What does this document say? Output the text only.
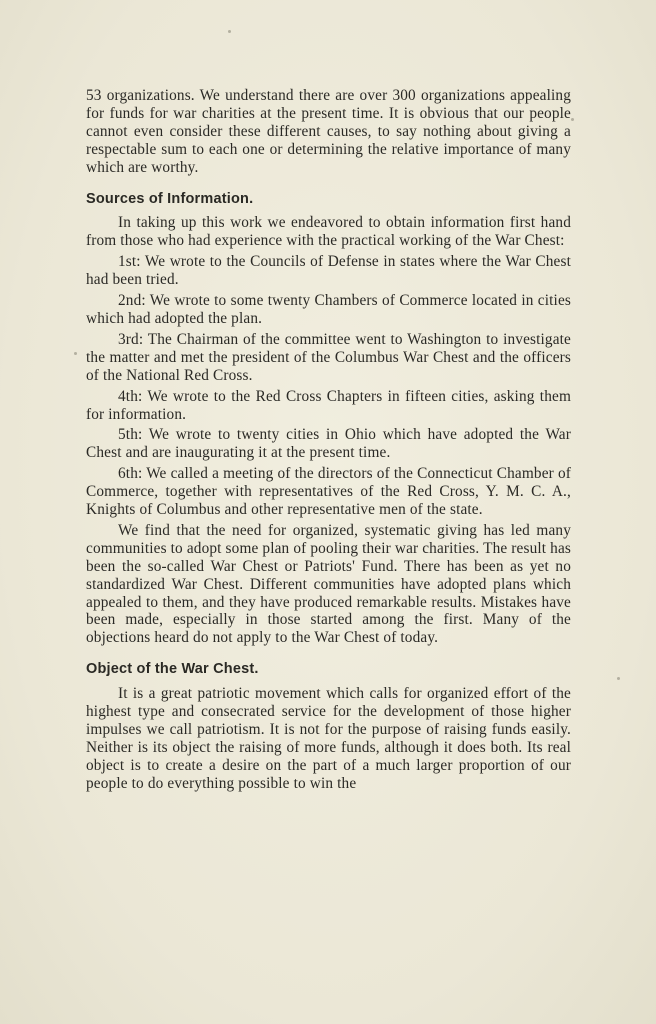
53 organizations. We understand there are over 300 organizations appealing for funds for war charities at the present time. It is obvious that our people cannot even consider these different causes, to say nothing about giving a respectable sum to each one or determining the relative importance of many which are worthy.

Sources of Information.

In taking up this work we endeavored to obtain information first hand from those who had experience with the practical working of the War Chest:

1st: We wrote to the Councils of Defense in states where the War Chest had been tried.

2nd: We wrote to some twenty Chambers of Commerce located in cities which had adopted the plan.

3rd: The Chairman of the committee went to Washington to investigate the matter and met the president of the Columbus War Chest and the officers of the National Red Cross.

4th: We wrote to the Red Cross Chapters in fifteen cities, asking them for information.

5th: We wrote to twenty cities in Ohio which have adopted the War Chest and are inaugurating it at the present time.

6th: We called a meeting of the directors of the Connecticut Chamber of Commerce, together with representatives of the Red Cross, Y. M. C. A., Knights of Columbus and other representative men of the state.

We find that the need for organized, systematic giving has led many communities to adopt some plan of pooling their war charities. The result has been the so-called War Chest or Patriots' Fund. There has been as yet no standardized War Chest. Different communities have adopted plans which appealed to them, and they have produced remarkable results. Mistakes have been made, especially in those started among the first. Many of the objections heard do not apply to the War Chest of today.

Object of the War Chest.

It is a great patriotic movement which calls for organized effort of the highest type and consecrated service for the development of those higher impulses we call patriotism. It is not for the purpose of raising funds easily. Neither is its object the raising of more funds, although it does both. Its real object is to create a desire on the part of a much larger proportion of our people to do everything possible to win the
